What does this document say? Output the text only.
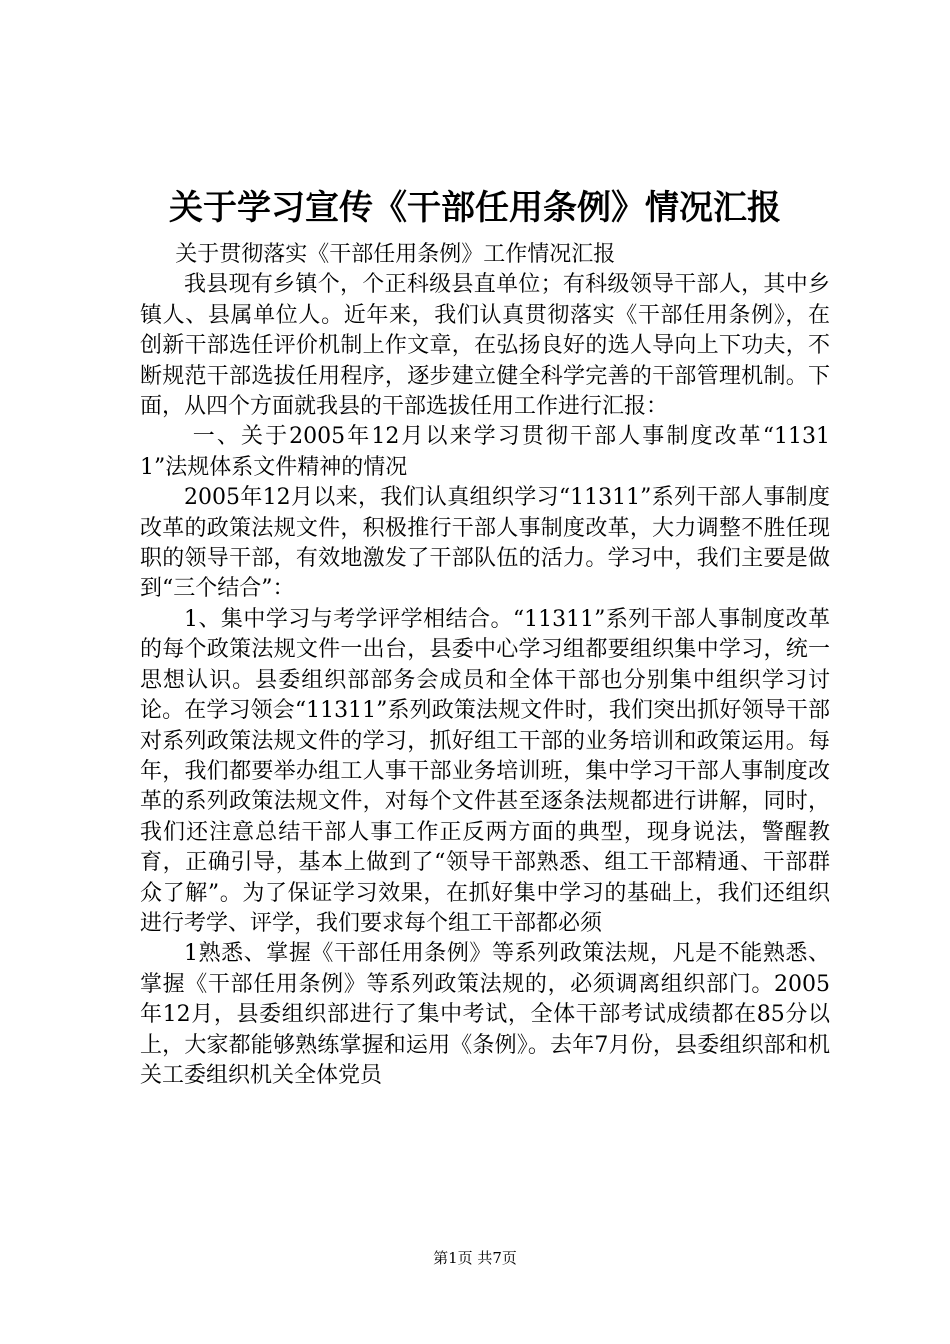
关于学习宣传《干部任用条例》情况汇报

关于贯彻落实《干部任用条例》工作情况汇报

我县现有乡镇个，个正科级县直单位；有科级领导干部人，其中乡镇人、县属单位人。近年来，我们认真贯彻落实《干部任用条例》，在创新干部选任评价机制上作文章，在弘扬良好的选人导向上下功夫，不断规范干部选拔任用程序，逐步建立健全科学完善的干部管理机制。下面，从四个方面就我县的干部选拔任用工作进行汇报：

一、关于2005年12月以来学习贯彻干部人事制度改革“11311”法规体系文件精神的情况

2005年12月以来，我们认真组织学习“11311”系列干部人事制度改革的政策法规文件，积极推行干部人事制度改革，大力调整不胜任现职的领导干部，有效地激发了干部队伍的活力。学习中，我们主要是做到“三个结合”：

1、集中学习与考学评学相结合。“11311”系列干部人事制度改革的每个政策法规文件一出台，县委中心学习组都要组织集中学习，统一思想认识。县委组织部部务会成员和全体干部也分别集中组织学习讨论。在学习领会“11311”系列政策法规文件时，我们突出抓好领导干部对系列政策法规文件的学习，抓好组工干部的业务培训和政策运用。每年，我们都要举办组工人事干部业务培训班，集中学习干部人事制度改革的系列政策法规文件，对每个文件甚至逐条法规都进行讲解，同时，我们还注意总结干部人事工作正反两方面的典型，现身说法，警醒教育，正确引导，基本上做到了“领导干部熟悉、组工干部精通、干部群众了解”。为了保证学习效果，在抓好集中学习的基础上，我们还组织进行考学、评学，我们要求每个组工干部都必须

1熟悉、掌握《干部任用条例》等系列政策法规，凡是不能熟悉、掌握《干部任用条例》等系列政策法规的，必须调离组织部门。2005年12月，县委组织部进行了集中考试，全体干部考试成绩都在85分以上，大家都能够熟练掌握和运用《条例》。去年7月份，县委组织部和机关工委组织机关全体党员

第1页 共7页
